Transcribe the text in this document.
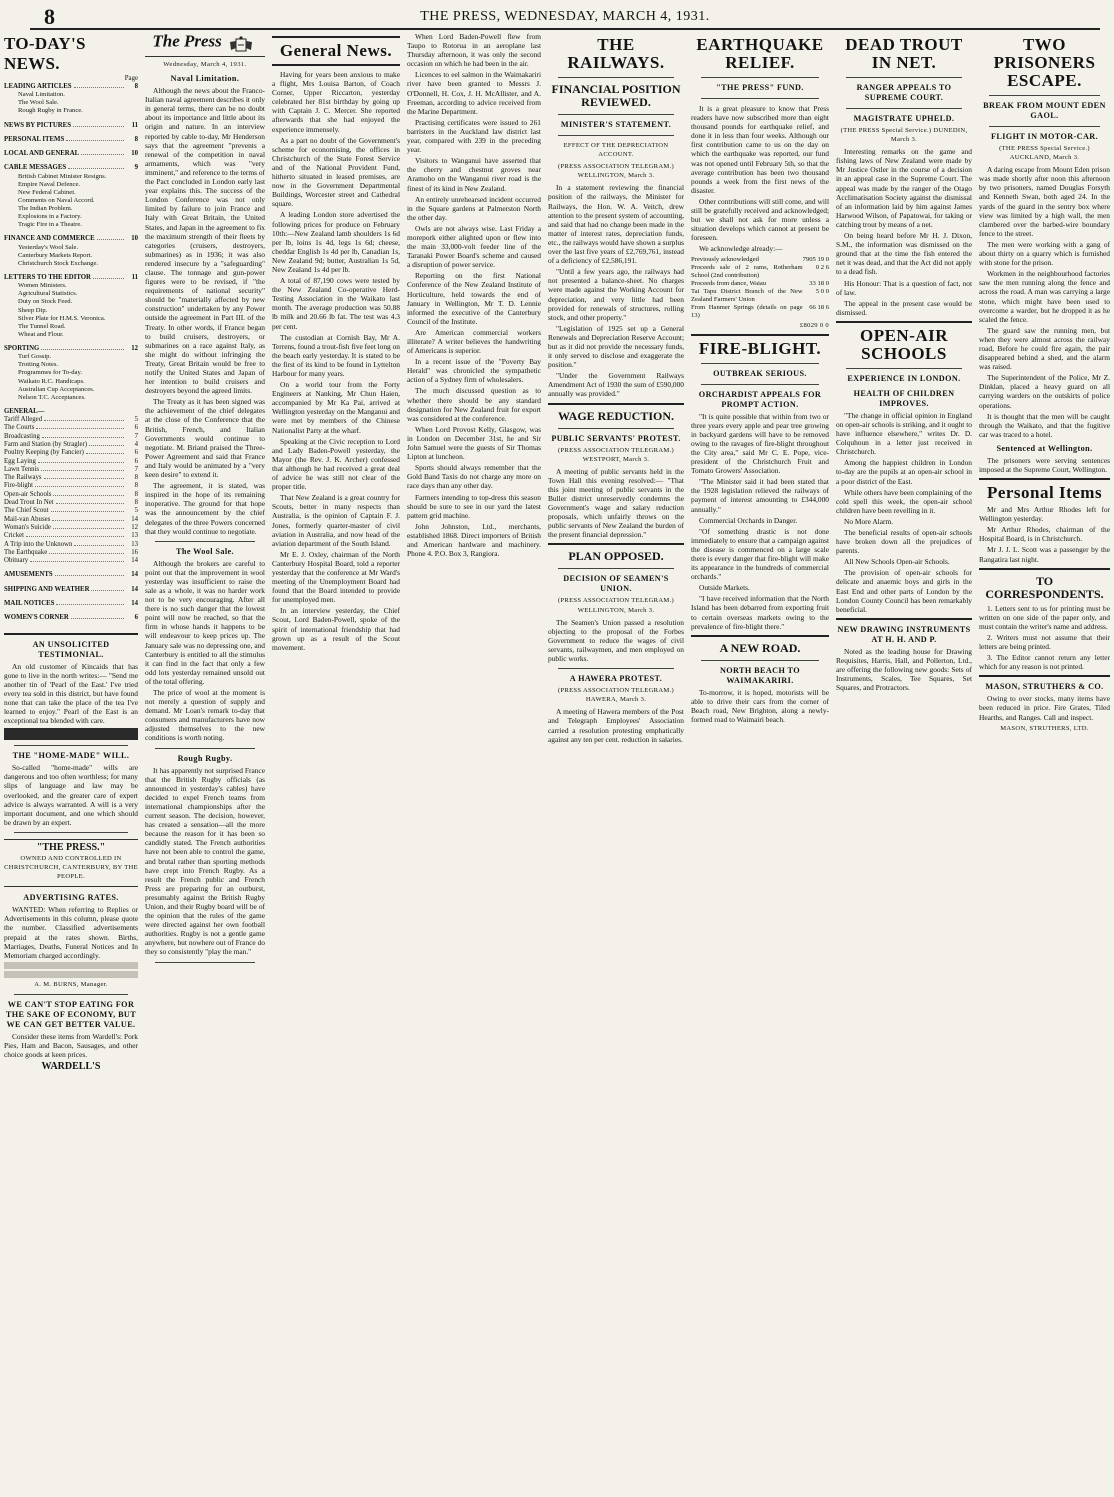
8	THE PRESS, WEDNESDAY, MARCH 4, 1931.
TO-DAY'S NEWS.
Page
LEADING ARTICLES	8
Naval Limitation.
The Wool Sale.
Rough Rugby in France.
NEWS BY PICTURES	11
PERSONAL ITEMS	8
LOCAL AND GENERAL	10
CABLE MESSAGES	9
British Cabinet Minister Resigns.
Empire Naval Defence.
New Federal Cabinet.
Comments on Naval Accord.
The Indian Problem.
Explosions in a Factory.
Tragic Fire in a Theatre.
FINANCE AND COMMERCE	10
Yesterday's Wool Sale.
Canterbury Markets Report.
Christchurch Stock Exchange.
LETTERS TO THE EDITOR	11
Women Ministers.
Agricultural Statistics.
Duty on Stock Feed.
Sheep Dip.
Silver Plate for H.M.S. Veronica.
The Tunnel Road.
Wheat and Flour.
SPORTING	12
Turf Gossip.
Trotting Notes.
Programmes for To-day.
Waikato R.C. Handicaps.
Australian Cup Acceptances.
Nelson T.C. Acceptances.
GENERAL—
Tariff Alleged	5
The Courts	6
Broadcasting	7
Farm and Station (by Stragler)	4
Poultry Keeping (by Fancier)	6
Egg Laying	6
Lawn Tennis	7
The Railways	8
Fire-blight	8
Open-air Schools	8
Dead Trout In Net	8
The Chief Scout	5
Mail-van Abuses	14
Woman's Suicide	12
Cricket	13
A Trip into the Unknown	13
The Earthquake	16
Obituary	14
AMUSEMENTS	14
SHIPPING AND WEATHER	14
MAIL NOTICES	14
WOMEN'S CORNER	6
AN UNSOLICITED TESTIMONIAL.

An old customer of Kincaids that has gone to live in the north writes:— "Send me another tin of 'Pearl of the East.' I've tried every tea sold in this district, but have found none that can take the place of the tea I've learned to enjoy." Pearl of the East is an exceptional tea blended with care.

THE "HOME-MADE" WILL.

So-called "home-made" wills are dangerous and too often worthless; for many slips of language and law may be overlooked, and the greater care of expert advice is always warranted. A will is a very important document, and one which should be drawn by an expert.

"THE PRESS."
OWNED AND CONTROLLED IN CHRISTCHURCH, CANTERBURY, BY THE PEOPLE.
ADVERTISING RATES.

WANTED: When referring to Replies or Advertisements in this column, please quote the number. Classified advertisements prepaid at the rates shown. Births, Marriages, Deaths, Funeral Notices and In Memoriam charged accordingly.

A. M. BURNS, Manager.
WE CAN'T STOP EATING FOR THE SAKE OF ECONOMY, BUT WE CAN GET BETTER VALUE.

Consider these items from Wardell's: Pork Pies, Ham and Bacon, Sausages, and other choice goods at keen prices.

WARDELL'S
The Press
Wednesday, March 4, 1931.
Naval Limitation.

Although the news about the Franco-Italian naval agreement describes it only in general terms, there can be no doubt about its importance and little about its origin and nature. In an interview reported by cable to-day, Mr Henderson says that the agreement "prevents a renewal of the competition in naval armaments, which was "very imminent," and reference to the terms of the Pact concluded in London early last year explains this. The success of the London Conference was not only limited by failure to join France and Italy with Great Britain, the United States, and Japan in the agreement to fix the maximum strength of their fleets by categories (cruisers, destroyers, submarines) as in 1936; it was also rendered insecure by a "safeguarding" clause. The tonnage and gun-power figures were to be revised, if "the requirements of national security" should be "materially affected by new construction" undertaken by any Power outside the agreement in Part III. of the Treaty. In other words, if France began to build cruisers, destroyers, or submarines on a race against Italy, as she might do without infringing the Treaty, Great Britain would be free to notify the United States and Japan of her intention to build cruisers and destroyers beyond the agreed limits.

The Treaty as it has been signed was the achievement of the chief delegates at the close of the Conference that the British, French, and Italian Governments would continue to negotiate. M. Briand praised the Three-Power Agreement and said that France and Italy would be animated by a "very keen desire" to extend it.

The agreement, it is stated, was inspired in the hope of its remaining inoperative. The ground for that hope was the announcement by the chief delegates of the three Powers concerned that they would continue to negotiate.

The Wool Sale.

Although the brokers are careful to point out that the improvement in wool yesterday was insufficient to raise the sale as a whole, it was no harder work not to be very encouraging. After all there is no such danger that the lowest point will now be reached, so that the firm in whose hands it happens to be will endeavour to keep prices up. The January sale was no depressing one, and Canterbury is entitled to all the stimulus it can find in the fact that only a few odd lots yesterday remained unsold out of the total offering.

The price of wool at the moment is not merely a question of supply and demand. Mr Loan's remark to-day that consumers and manufacturers have now adjusted themselves to the new conditions is worth noting.

Rough Rugby.

It has apparently not surprised France that the British Rugby officials (as announced in yesterday's cables) have decided to expel French teams from international championships after the current season. The decision, however, has created a sensation—all the more because the reason for it has been so candidly stated. The French authorities have not been able to control the game, and brutal rather than sporting methods have crept into French Rugby. As a result the French public and French Press are preparing for an outburst, presumably against the British Rugby Union, and their Rugby board will be of the opinion that the rules of the game were directed against her own football authorities. Rugby is not a gentle game anywhere, but nowhere out of France do they so consistently "play the man."

General News.

Having for years been anxious to make a flight, Mrs Louisa Barton, of Coach Corner, Upper Riccarton, yesterday celebrated her 81st birthday by going up with Captain J. C. Mercer. She reported afterwards that she had enjoyed the experience immensely.

As a part no doubt of the Government's scheme for economising, the offices in Christchurch of the State Forest Service and of the National Provident Fund, hitherto situated in leased premises, are now in the Government Departmental Buildings, Worcester street and Cathedral square.

A leading London store advertised the following prices for produce on February 10th:—New Zealand lamb shoulders 1s 6d per lb, loins 1s 4d, legs 1s 6d; cheese, cheddar English 1s 4d per lb, Canadian 1s, New Zealand 9d; butter, Australian 1s 5d, New Zealand 1s 4d per lb.

A total of 87,190 cows were tested by the New Zealand Co-operative Herd-Testing Association in the Waikato last month. The average production was 50.88 lb milk and 20.66 lb fat. The test was 4.3 per cent.

The custodian at Cornish Bay, Mr A. Terrens, found a trout-fish five feet long on the beach early yesterday. It is stated to be the first of its kind to be found in Lyttelton Harbour for many years.

On a world tour from the Forty Engineers at Nanking, Mr Chun Haien, accompanied by Mr Ka Pai, arrived at Wellington yesterday on the Manganui and were met by members of the Chinese Nationalist Party at the wharf.

Speaking at the Civic reception to Lord and Lady Baden-Powell yesterday, the Mayor (the Rev. J. K. Archer) confessed that although he had received a great deal of advice he was still not clear of the proper title.

That New Zealand is a great country for Scouts, better in many respects than Australia, is the opinion of Captain F. J. Jones, formerly quarter-master of civil aviation in Australia, and now head of the aviation department of the South Island.

Mr E. J. Oxley, chairman of the North Canterbury Hospital Board, told a reporter yesterday that the conference at Mr Ward's meeting of the Unemployment Board had found that the Board intended to provide for unemployed men.

In an interview yesterday, the Chief Scout, Lord Baden-Powell, spoke of the spirit of international friendship that had grown up as a result of the Scout movement.

When Lord Baden-Powell flew from Taupo to Rotorua in an aeroplane last Thursday afternoon, it was only the second occasion on which he had been in the air.

Licences to eel salmon in the Waimakariri river have been granted to Messrs J. O'Donnell, H. Cox, J. H. McAllister, and A. Freeman, according to advice received from the Marine Department.

Practising certificates were issued to 261 barristers in the Auckland law district last year, compared with 239 in the preceding year.

Visitors to Wanganui have asserted that the cherry and chestnut groves near Aramoho on the Wanganui river road is the finest of its kind in New Zealand.

An entirely unrehearsed incident occurred in the Square gardens at Palmerston North the other day.

Owls are not always wise. Last Friday a morepork either alighted upon or flew into the main 33,000-volt feeder line of the Taranaki Power Board's scheme and caused a disruption of power service.

Reporting on the first National Conference of the New Zealand Institute of Horticulture, held towards the end of January in Wellington, Mr T. D. Lennie informed the executive of the Canterbury Council of the Institute.

Are American commercial workers illiterate? A writer believes the handwriting of Americans is superior.

In a recent issue of the "Poverty Bay Herald" was chronicled the sympathetic action of a Sydney firm of wholesalers.

The much discussed question as to whether there should be any standard designation for New Zealand fruit for export was considered at the conference.

When Lord Provost Kelly, Glasgow, was in London on December 31st, he and Sir John Samuel were the guests of Sir Thomas Lipton at luncheon.

Sports should always remember that the Gold Band Taxis do not charge any more on race days than any other day.

Farmers intending to top-dress this season should be sure to see in our yard the latest pattern grid machine.

John Johnston, Ltd., merchants, established 1868. Direct importers of British and American hardware and machinery. Phone 4. P.O. Box 3, Rangiora.

THE RAILWAYS.
FINANCIAL POSITION REVIEWED.
MINISTER'S STATEMENT.
EFFECT OF THE DEPRECIATION ACCOUNT.
(PRESS ASSOCIATION TELEGRAM.) WELLINGTON, March 3.

In a statement reviewing the financial position of the railways, the Minister for Railways, the Hon. W. A. Veitch, drew attention to the present system of accounting, and said that had no change been made in the matter of interest rates, depreciation funds, etc., the railways would have shown a surplus over the last five years of £2,769,761, instead of a deficiency of £2,586,191.

"Until a few years ago, the railways had not presented a balance-sheet. No charges were made against the Working Account for depreciation, and very little had been provided for renewals of structures, rolling stock, and other property."

"Legislation of 1925 set up a General Renewals and Depreciation Reserve Account; but as it did not provide the necessary funds, it only served to disclose and exaggerate the position."

"Under the Government Railways Amendment Act of 1930 the sum of £590,000 annually was provided."

WAGE REDUCTION.
PUBLIC SERVANTS' PROTEST.
(PRESS ASSOCIATION TELEGRAM.) WESTPORT, March 3.

A meeting of public servants held in the Town Hall this evening resolved:— "That this joint meeting of public servants in the Buller district unreservedly condemns the Government's wage and salary reduction proposals, which unfairly throws on the public servants of New Zealand the burden of the present financial depression."

PLAN OPPOSED.
DECISION OF SEAMEN'S UNION.
(PRESS ASSOCIATION TELEGRAM.) WELLINGTON, March 3.

The Seamen's Union passed a resolution objecting to the proposal of the Forbes Government to reduce the wages of civil servants, railwaymen, and men employed on public works.

A HAWERA PROTEST.
(PRESS ASSOCIATION TELEGRAM.) HAWERA, March 3.

A meeting of Hawera members of the Post and Telegraph Employees' Association carried a resolution protesting emphatically against any ten per cent. reduction in salaries.

EARTHQUAKE RELIEF.
"THE PRESS" FUND.

It is a great pleasure to know that Press readers have now subscribed more than eight thousand pounds for earthquake relief, and done it in less than four weeks. Although our first contribution came to us on the day on which the earthquake was reported, our fund was not opened until February 5th, so that the average contribution has been two thousand pounds a week from the first news of the disaster.

Other contributions will still come, and will still be gratefully received and acknowledged; but we shall not ask for more unless a situation develops which cannot at present be foreseen.

We acknowledge already:—

Previously acknowledged	7905 19 0
Proceeds sale of 2 rams, Rotherham School (2nd contribution)	0 2 6
Proceeds from dance, Waiau	33 18 0
Tai Tapu District Branch of the New Zealand Farmers' Union	5 0 0
From Hanmer Springs (details on page 13)	66 18 6
£8029 0 0
FIRE-BLIGHT.
OUTBREAK SERIOUS.
ORCHARDIST APPEALS FOR PROMPT ACTION.

"It is quite possible that within from two or three years every apple and pear tree growing in backyard gardens will have to be removed owing to the ravages of fire-blight throughout the City area," said Mr C. E. Pope, vice-president of the Christchurch Fruit and Tomato Growers' Association.

"The Minister said it had been stated that the 1928 legislation relieved the railways of payment of interest amounting to £344,000 annually."

Commercial Orchards in Danger.

"Of something drastic is not done immediately to ensure that a campaign against the disease is commenced on a large scale there is every danger that fire-blight will make its appearance in the hundreds of commercial orchards."

Outside Markets.

"I have received information that the North Island has been debarred from exporting fruit to certain overseas markets owing to the prevalence of fire-blight there."

A NEW ROAD.
NORTH BEACH TO WAIMAKARIRI.

To-morrow, it is hoped, motorists will be able to drive their cars from the corner of Beach road, New Brighton, along a newly-formed road to Waimairi beach.

DEAD TROUT IN NET.
RANGER APPEALS TO SUPREME COURT.
MAGISTRATE UPHELD.
(THE PRESS Special Service.) DUNEDIN, March 3.

Interesting remarks on the game and fishing laws of New Zealand were made by Mr Justice Ostler in the course of a decision in an appeal case in the Supreme Court. The appeal was made by the ranger of the Otago Acclimatisation Society against the dismissal of an information laid by him against James Harwood Wilson, of Papatowai, for taking or catching trout by means of a net.

On being heard before Mr H. J. Dixon, S.M., the information was dismissed on the ground that at the time the fish entered the net it was dead, and that the Act did not apply to a dead fish.

His Honour: That is a question of fact, not of law.

The appeal in the present case would be dismissed.

OPEN-AIR SCHOOLS
EXPERIENCE IN LONDON.
HEALTH OF CHILDREN IMPROVES.

"The change in official opinion in England on open-air schools is striking, and it ought to have influence elsewhere," writes Dr. D. Colquhoun in a letter just received in Christchurch.

Among the happiest children in London to-day are the pupils at an open-air school in a poor district of the East.

While others have been complaining of the cold spell this week, the open-air school children have been revelling in it.

No More Alarm.

The beneficial results of open-air schools have broken down all the prejudices of parents.

All New Schools Open-air Schools.

The provision of open-air schools for delicate and anaemic boys and girls in the East End and other parts of London by the London County Council has been remarkably beneficial.

NEW DRAWING INSTRUMENTS AT H. H. AND P.

Noted as the leading house for Drawing Requisites, Harris, Hall, and Pollerton, Ltd., are offering the following new goods: Sets of Instruments, Scales, Tee Squares, Set Squares, and Protractors.

TWO PRISONERS ESCAPE.
BREAK FROM MOUNT EDEN GAOL.
FLIGHT IN MOTOR-CAR.
(THE PRESS Special Service.) AUCKLAND, March 3.

A daring escape from Mount Eden prison was made shortly after noon this afternoon by two prisoners, named Douglas Forsyth and Kenneth Swan, both aged 24. In the yards of the guard in the sentry box where view was limited by a high wall, the men clambered over the barbed-wire boundary fence to the street.

The men were working with a gang of about thirty on a quarry which is furnished with stone for the prison.

Workmen in the neighbourhood factories saw the men running along the fence and across the road. A man was carrying a large stone, which might have been used to overcome a warder, but he dropped it as he scaled the fence.

The guard saw the running men, but when they were almost across the railway road, Before he could fire again, the pair disappeared behind a shed, and the alarm was raised.

The Superintendent of the Police, Mr Z. Dinklan, placed a heavy guard on all carrying warders on the outskirts of police operations.

It is thought that the men will be caught through the Waikato, and that the fugitive car was traced to a hotel.

Sentenced at Wellington.

The prisoners were serving sentences imposed at the Supreme Court, Wellington.

Personal Items

Mr and Mrs Arthur Rhodes left for Wellington yesterday.

Mr Arthur Rhodes, chairman of the Hospital Board, is in Christchurch.

Mr J. J. L. Scott was a passenger by the Rangatira last night.

TO CORRESPONDENTS.

1. Letters sent to us for printing must be written on one side of the paper only, and must contain the writer's name and address.

2. Writers must not assume that their letters are being printed.

3. The Editor cannot return any letter which for any reason is not printed.

MASON, STRUTHERS & CO.

Owing to over stocks, many items have been reduced in price. Fire Grates, Tiled Hearths, and Ranges. Call and inspect.

MASON, STRUTHERS, LTD.
